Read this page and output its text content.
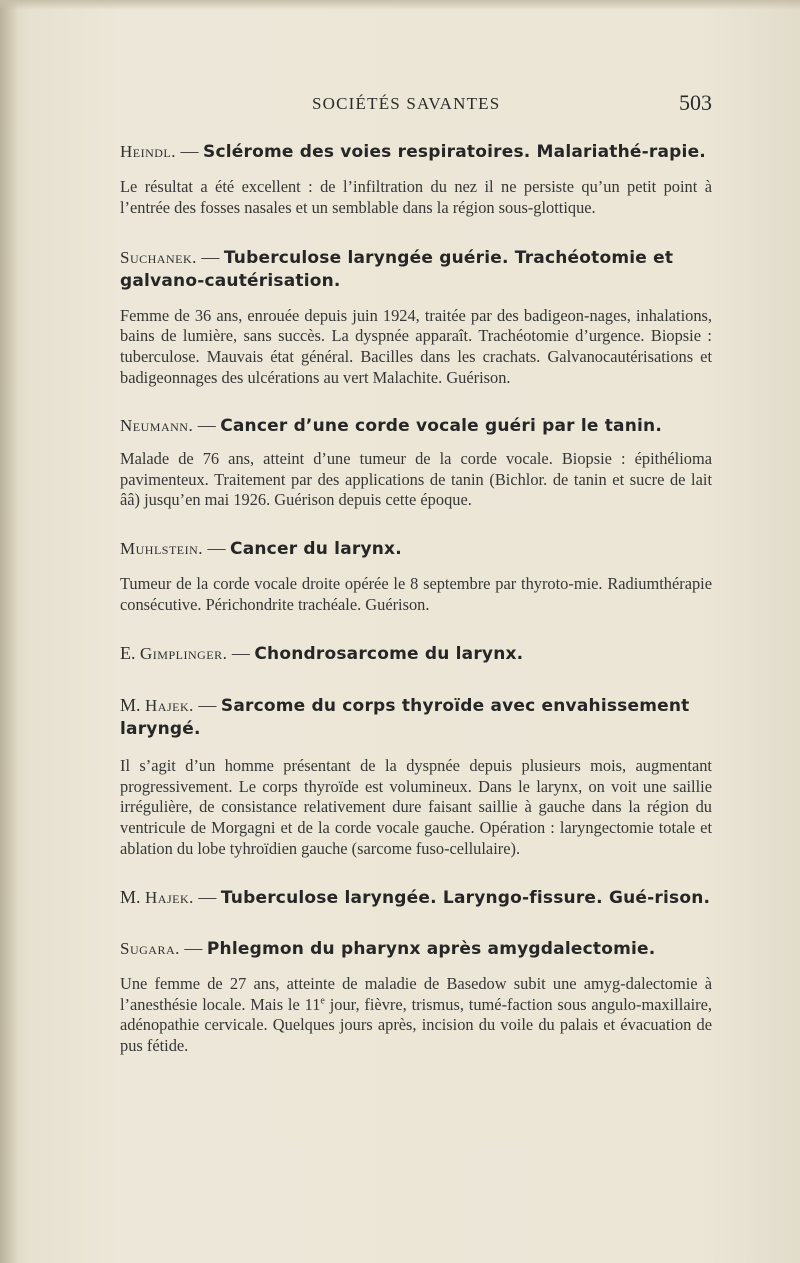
SOCIÉTÉS SAVANTES	503

Heindl. — Sclérome des voies respiratoires. Malariathé-rapie.

Le résultat a été excellent : de l’infiltration du nez il ne persiste qu’un petit point à l’entrée des fosses nasales et un semblable dans la région sous-glottique.

Suchanek. — Tuberculose laryngée guérie. Trachéotomie et galvano-cautérisation.

Femme de 36 ans, enrouée depuis juin 1924, traitée par des badigeon-nages, inhalations, bains de lumière, sans succès. La dyspnée apparaît. Trachéotomie d’urgence. Biopsie : tuberculose. Mauvais état général. Bacilles dans les crachats. Galvanocautérisations et badigeonnages des ulcérations au vert Malachite. Guérison.

Neumann. — Cancer d’une corde vocale guéri par le tanin.

Malade de 76 ans, atteint d’une tumeur de la corde vocale. Biopsie : épithélioma pavimenteux. Traitement par des applications de tanin (Bichlor. de tanin et sucre de lait ââ) jusqu’en mai 1926. Guérison depuis cette époque.

Muhlstein. — Cancer du larynx.

Tumeur de la corde vocale droite opérée le 8 septembre par thyroto-mie. Radiumthérapie consécutive. Périchondrite trachéale. Guérison.

E. Gimplinger. — Chondrosarcome du larynx.

M. Hajek. — Sarcome du corps thyroïde avec envahissement laryngé.

Il s’agit d’un homme présentant de la dyspnée depuis plusieurs mois, augmentant progressivement. Le corps thyroïde est volumineux. Dans le larynx, on voit une saillie irrégulière, de consistance relativement dure faisant saillie à gauche dans la région du ventricule de Morgagni et de la corde vocale gauche. Opération : laryngectomie totale et ablation du lobe tyhroïdien gauche (sarcome fuso-cellulaire).

M. Hajek. — Tuberculose laryngée. Laryngo-fissure. Gué-rison.

Sugara. — Phlegmon du pharynx après amygdalectomie.

Une femme de 27 ans, atteinte de maladie de Basedow subit une amyg-dalectomie à l’anesthésie locale. Mais le 11e jour, fièvre, trismus, tumé-faction sous angulo-maxillaire, adénopathie cervicale. Quelques jours après, incision du voile du palais et évacuation de pus fétide.
